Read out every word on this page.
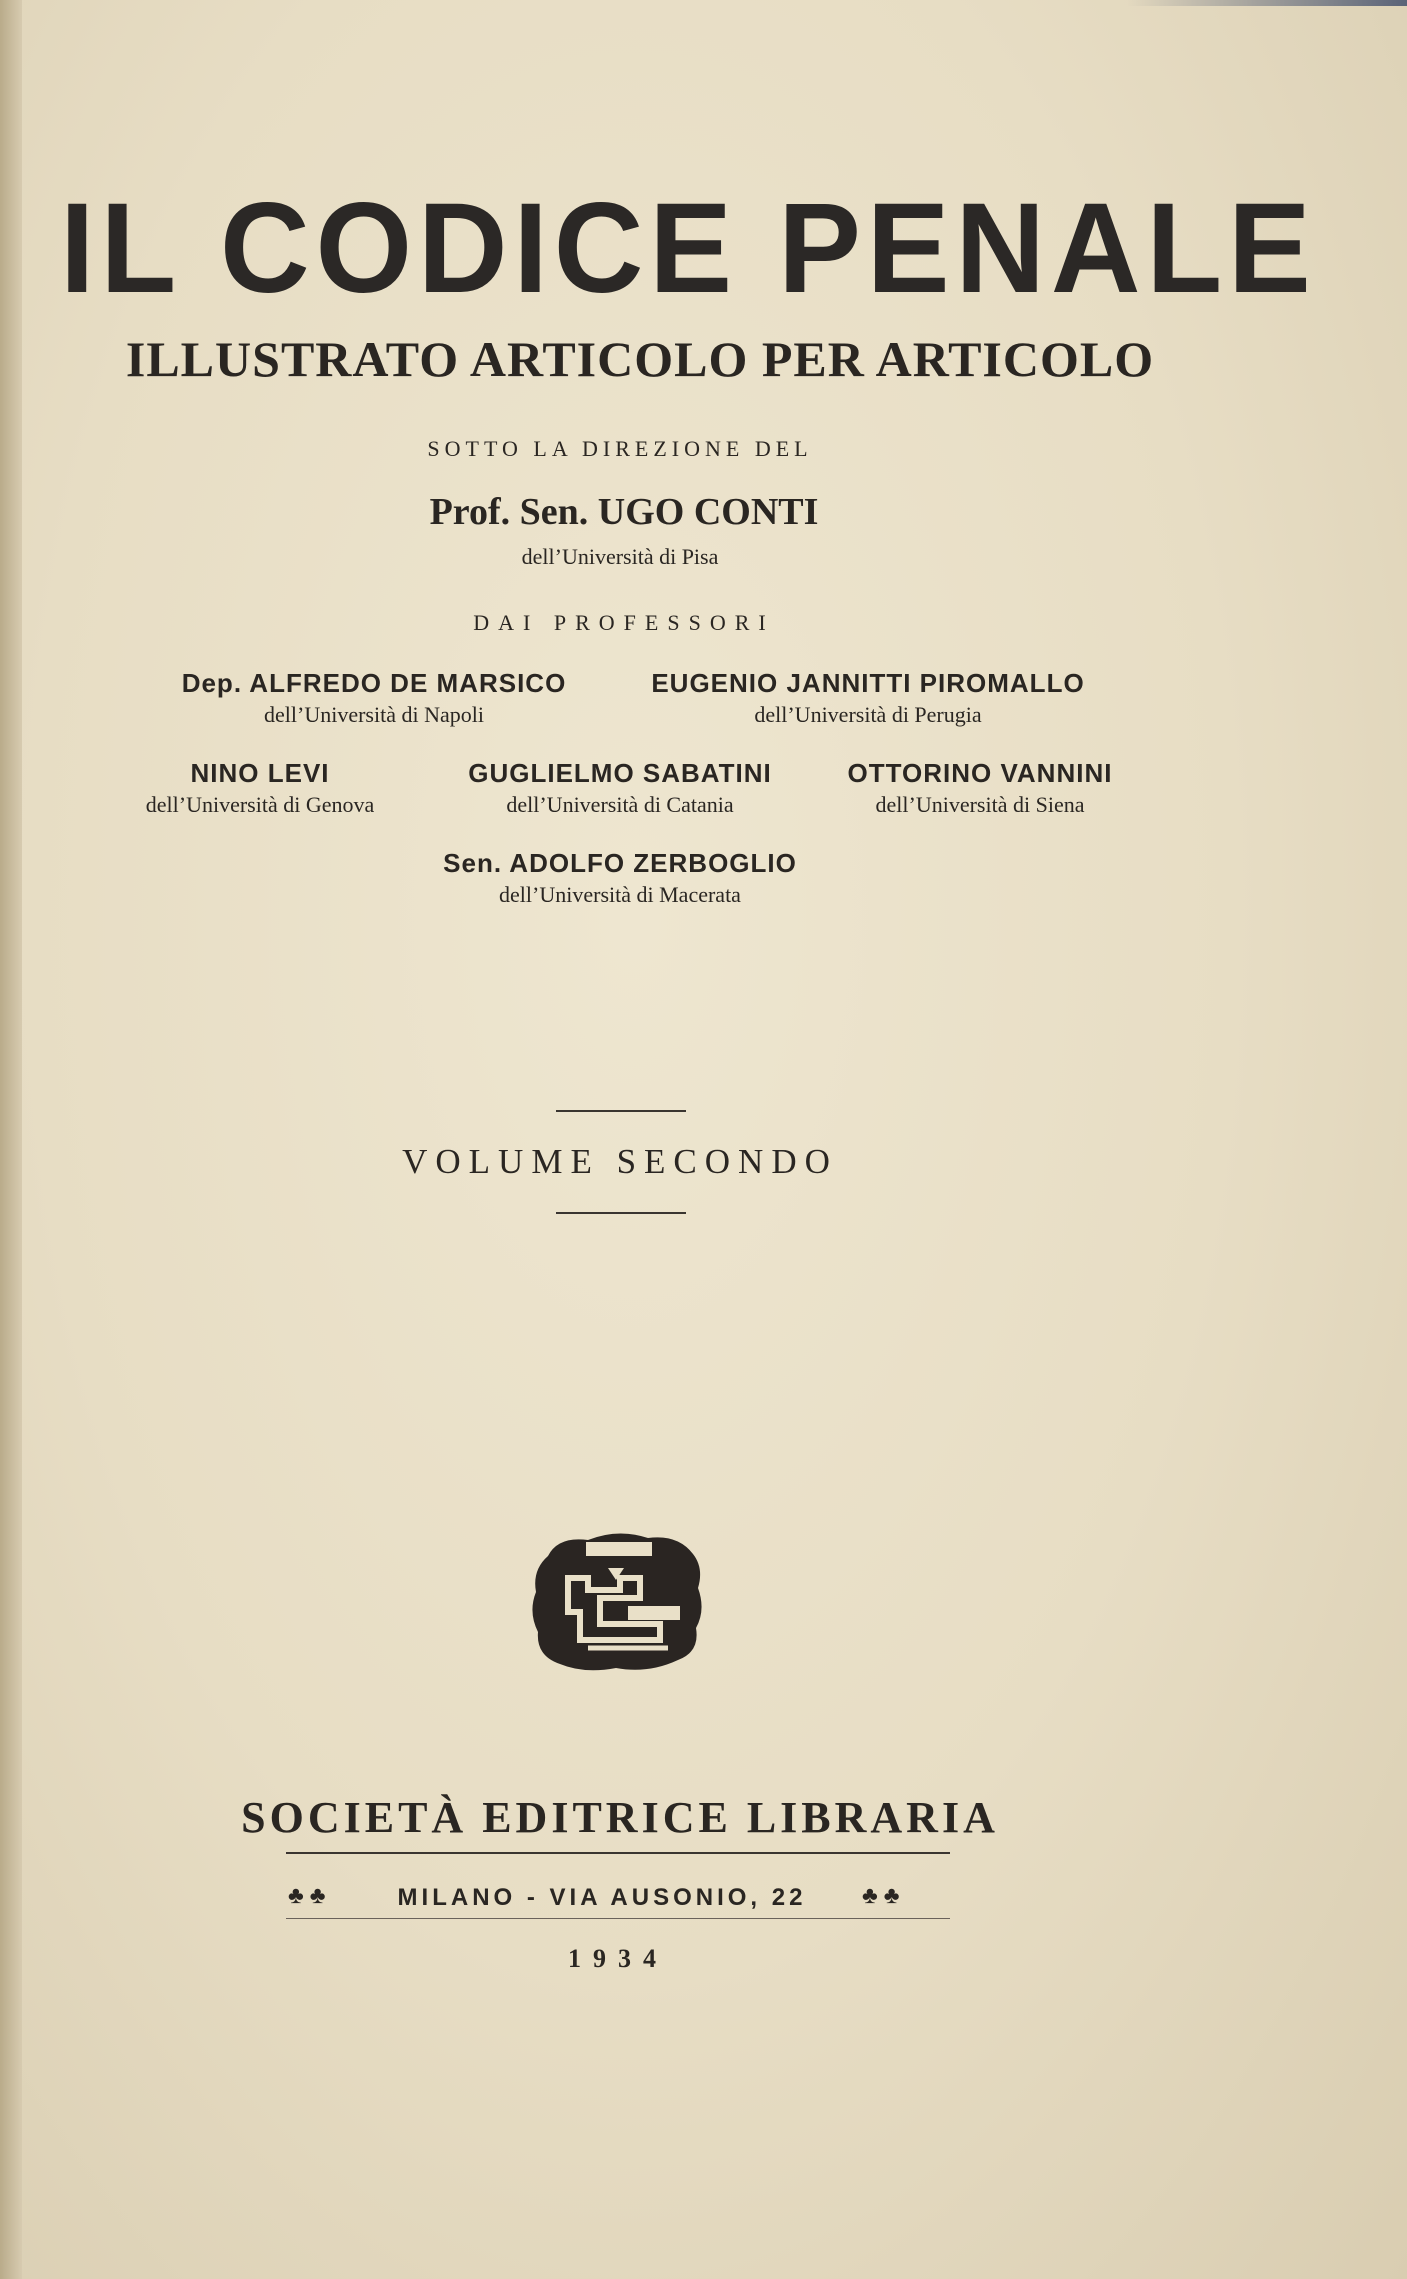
IL CODICE PENALE
ILLUSTRATO ARTICOLO PER ARTICOLO
SOTTO LA DIREZIONE DEL
Prof. Sen. UGO CONTI
dell’Università di Pisa
DAI PROFESSORI
Dep. ALFREDO DE MARSICO
dell’Università di Napoli
EUGENIO JANNITTI PIROMALLO
dell’Università di Perugia
NINO LEVI
dell’Università di Genova
GUGLIELMO SABATINI
dell’Università di Catania
OTTORINO VANNINI
dell’Università di Siena
Sen. ADOLFO ZERBOGLIO
dell’Università di Macerata
VOLUME SECONDO
SOCIETÀ EDITRICE LIBRARIA
♣ ♣	MILANO - VIA AUSONIO, 22 ♣ ♣
1934
